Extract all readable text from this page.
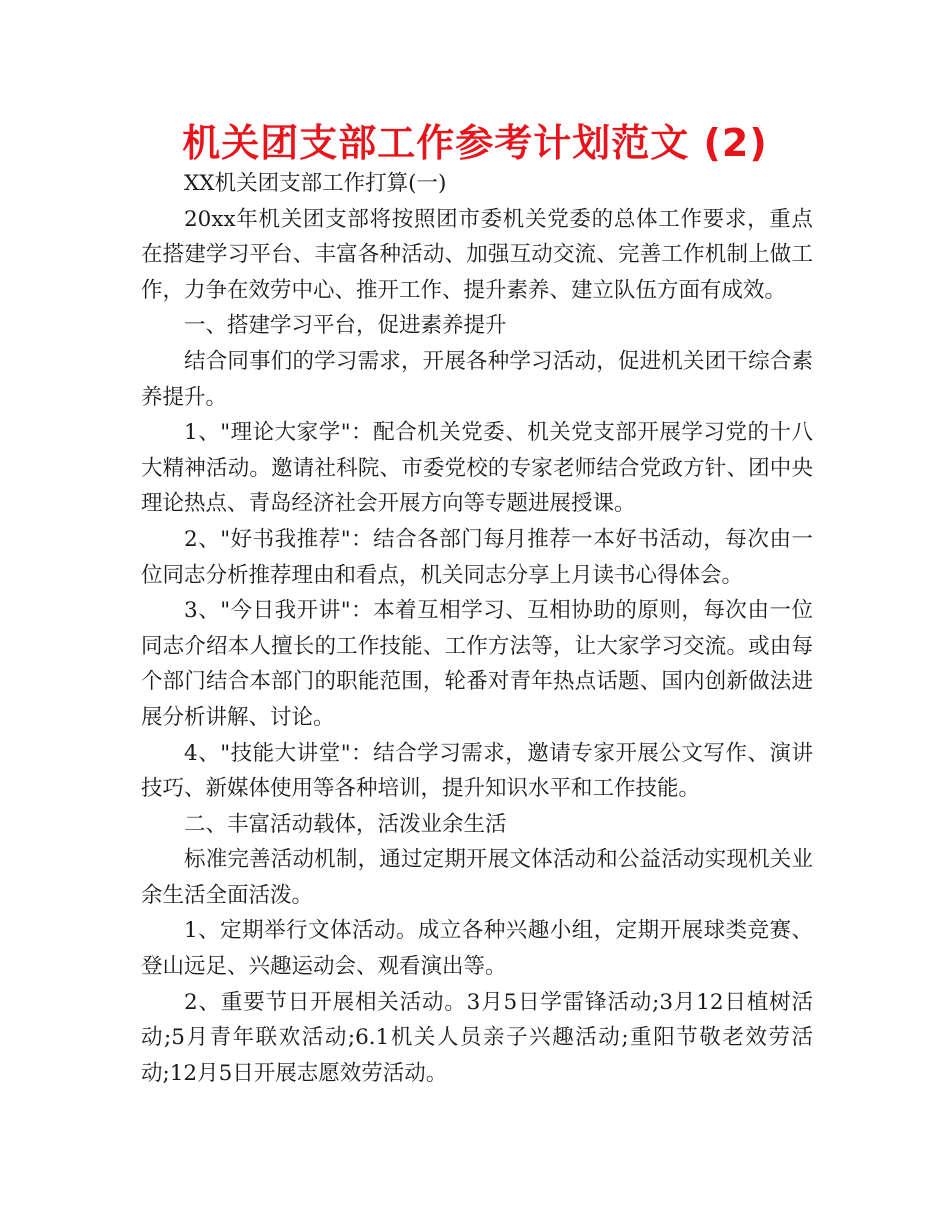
机关团支部工作参考计划范文 (2)

XX机关团支部工作打算(一)

20xx年机关团支部将按照团市委机关党委的总体工作要求，重点在搭建学习平台、丰富各种活动、加强互动交流、完善工作机制上做工作，力争在效劳中心、推开工作、提升素养、建立队伍方面有成效。

一、搭建学习平台，促进素养提升

结合同事们的学习需求，开展各种学习活动，促进机关团干综合素养提升。

1、"理论大家学"：配合机关党委、机关党支部开展学习党的十八大精神活动。邀请社科院、市委党校的专家老师结合党政方针、团中央理论热点、青岛经济社会开展方向等专题进展授课。

2、"好书我推荐"：结合各部门每月推荐一本好书活动，每次由一位同志分析推荐理由和看点，机关同志分享上月读书心得体会。

3、"今日我开讲"：本着互相学习、互相协助的原则，每次由一位同志介绍本人擅长的工作技能、工作方法等，让大家学习交流。或由每个部门结合本部门的职能范围，轮番对青年热点话题、国内创新做法进展分析讲解、讨论。

4、"技能大讲堂"：结合学习需求，邀请专家开展公文写作、演讲技巧、新媒体使用等各种培训，提升知识水平和工作技能。

二、丰富活动载体，活泼业余生活

标准完善活动机制，通过定期开展文体活动和公益活动实现机关业余生活全面活泼。

1、定期举行文体活动。成立各种兴趣小组，定期开展球类竞赛、登山远足、兴趣运动会、观看演出等。

2、重要节日开展相关活动。3月5日学雷锋活动;3月12日植树活动;5月青年联欢活动;6.1机关人员亲子兴趣活动;重阳节敬老效劳活动;12月5日开展志愿效劳活动。
